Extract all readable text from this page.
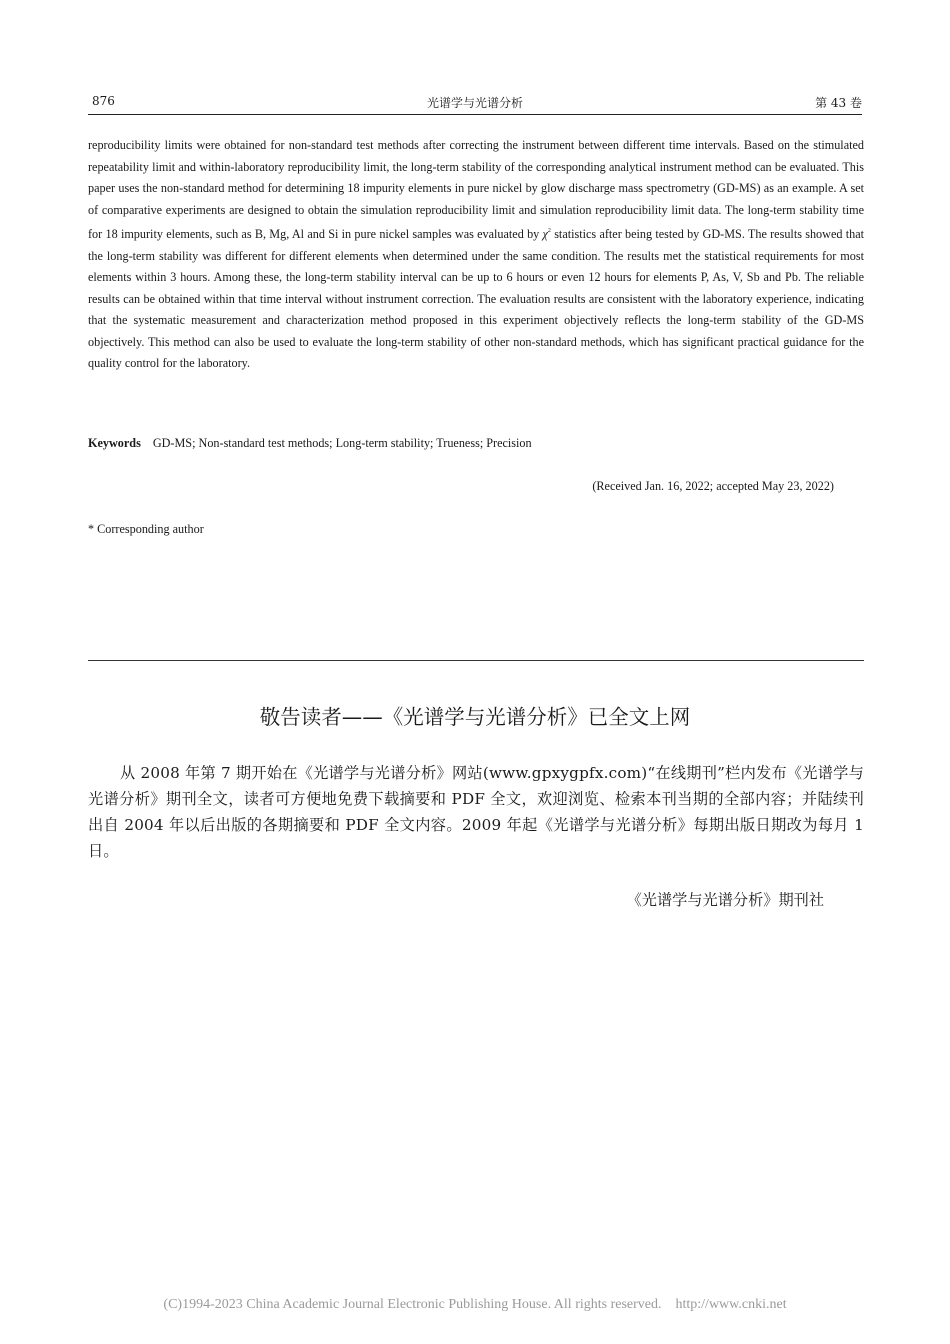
876	光谱学与光谱分析	第 43 卷

reproducibility limits were obtained for non-standard test methods after correcting the instrument between different time intervals. Based on the stimulated repeatability limit and within-laboratory reproducibility limit, the long-term stability of the corresponding analytical instrument method can be evaluated. This paper uses the non-standard method for determining 18 impurity elements in pure nickel by glow discharge mass spectrometry (GD-MS) as an example. A set of comparative experiments are designed to obtain the simulation reproducibility limit and simulation reproducibility limit data. The long-term stability time for 18 impurity elements, such as B, Mg, Al and Si in pure nickel samples was evaluated by $\chi^2$ statistics after being tested by GD-MS. The results showed that the long-term stability was different for different elements when determined under the same condition. The results met the statistical requirements for most elements within 3 hours. Among these, the long-term stability interval can be up to 6 hours or even 12 hours for elements P, As, V, Sb and Pb. The reliable results can be obtained within that time interval without instrument correction. The evaluation results are consistent with the laboratory experience, indicating that the systematic measurement and characterization method proposed in this experiment objectively reflects the long-term stability of the GD-MS objectively. This method can also be used to evaluate the long-term stability of other non-standard methods, which has significant practical guidance for the quality control for the laboratory.

Keywords GD-MS; Non-standard test methods; Long-term stability; Trueness; Precision
(Received Jan. 16, 2022; accepted May 23, 2022)
* Corresponding author
敬告读者——《光谱学与光谱分析》已全文上网

从 2008 年第 7 期开始在《光谱学与光谱分析》网站(www.gpxygpfx.com)“在线期刊”栏内发布《光谱学与光谱分析》期刊全文，读者可方便地免费下载摘要和 PDF 全文，欢迎浏览、检索本刊当期的全部内容；并陆续刊出自 2004 年以后出版的各期摘要和 PDF 全文内容。2009 年起《光谱学与光谱分析》每期出版日期改为每月 1 日。

《光谱学与光谱分析》期刊社
(C)1994-2023 China Academic Journal Electronic Publishing House. All rights reserved. http://www.cnki.net
